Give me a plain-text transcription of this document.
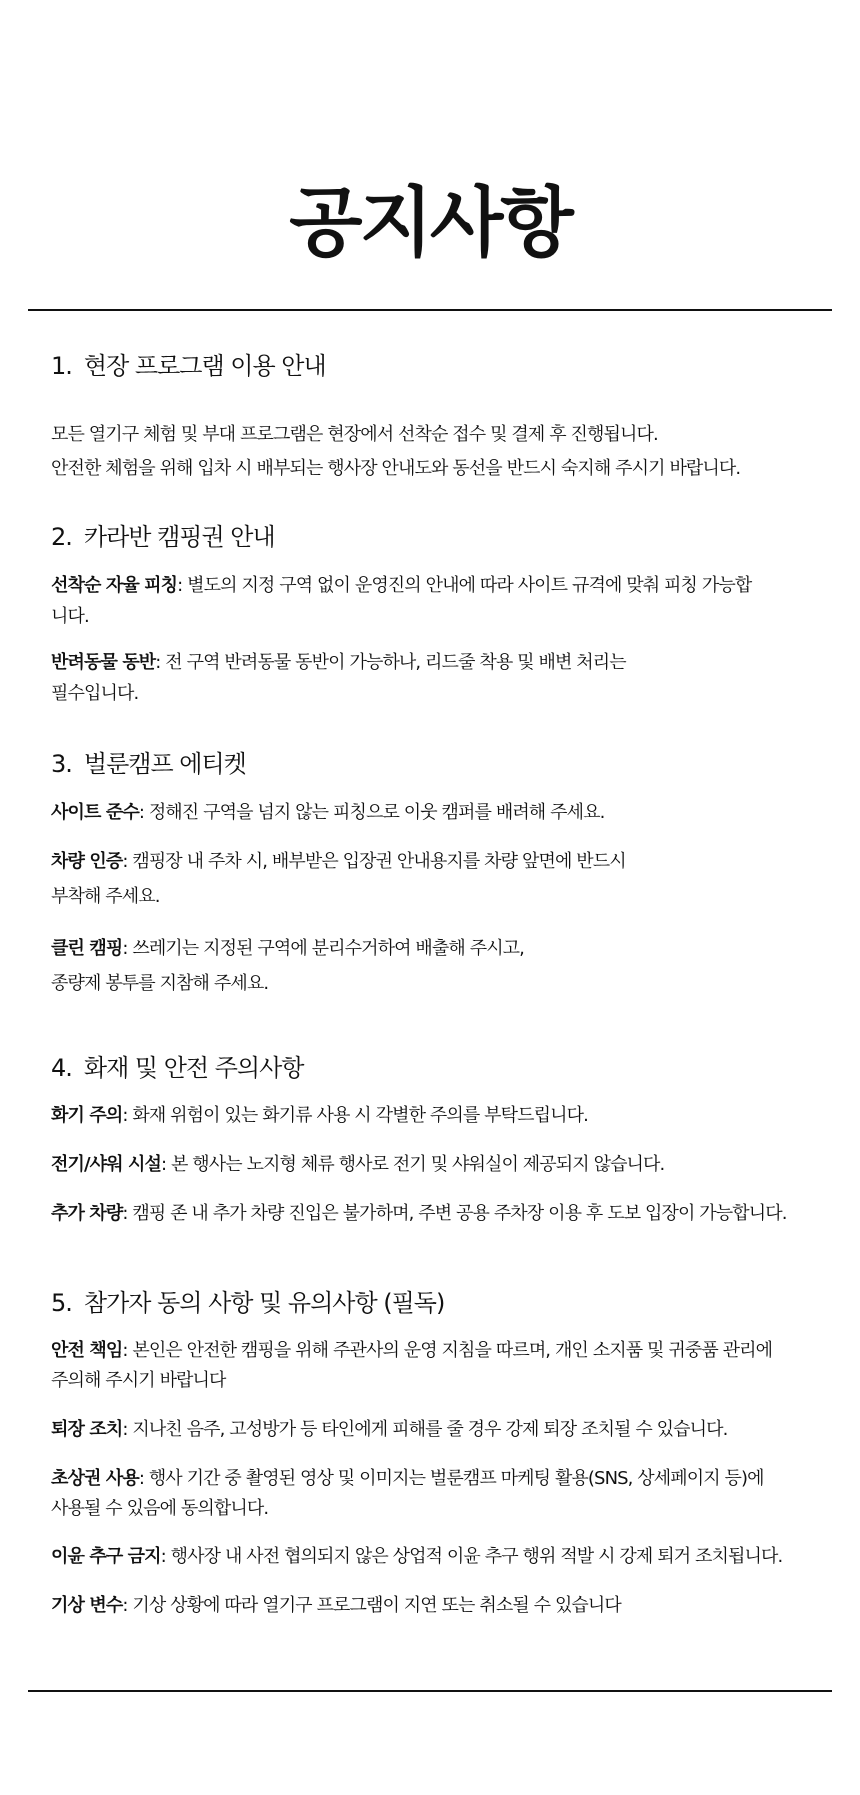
공지사항
1. 현장 프로그램 이용 안내

모든 열기구 체험 및 부대 프로그램은 현장에서 선착순 접수 및 결제 후 진행됩니다.

안전한 체험을 위해 입차 시 배부되는 행사장 안내도와 동선을 반드시 숙지해 주시기 바랍니다.

2. 카라반 캠핑권 안내

선착순 자율 피칭: 별도의 지정 구역 없이 운영진의 안내에 따라 사이트 규격에 맞춰 피칭 가능합

니다.

반려동물 동반: 전 구역 반려동물 동반이 가능하나, 리드줄 착용 및 배변 처리는

필수입니다.

3. 벌룬캠프 에티켓

사이트 준수: 정해진 구역을 넘지 않는 피칭으로 이웃 캠퍼를 배려해 주세요.

차량 인증: 캠핑장 내 주차 시, 배부받은 입장권 안내용지를 차량 앞면에 반드시

부착해 주세요.

클린 캠핑: 쓰레기는 지정된 구역에 분리수거하여 배출해 주시고,

종량제 봉투를 지참해 주세요.

4. 화재 및 안전 주의사항

화기 주의: 화재 위험이 있는 화기류 사용 시 각별한 주의를 부탁드립니다.

전기/샤워 시설: 본 행사는 노지형 체류 행사로 전기 및 샤워실이 제공되지 않습니다.

추가 차량: 캠핑 존 내 추가 차량 진입은 불가하며, 주변 공용 주차장 이용 후 도보 입장이 가능합니다.

5. 참가자 동의 사항 및 유의사항 (필독)

안전 책임: 본인은 안전한 캠핑을 위해 주관사의 운영 지침을 따르며, 개인 소지품 및 귀중품 관리에

주의해 주시기 바랍니다

퇴장 조치: 지나친 음주, 고성방가 등 타인에게 피해를 줄 경우 강제 퇴장 조치될 수 있습니다.

초상권 사용: 행사 기간 중 촬영된 영상 및 이미지는 벌룬캠프 마케팅 활용(SNS, 상세페이지 등)에

사용될 수 있음에 동의합니다.

이윤 추구 금지: 행사장 내 사전 협의되지 않은 상업적 이윤 추구 행위 적발 시 강제 퇴거 조치됩니다.

기상 변수: 기상 상황에 따라 열기구 프로그램이 지연 또는 취소될 수 있습니다
